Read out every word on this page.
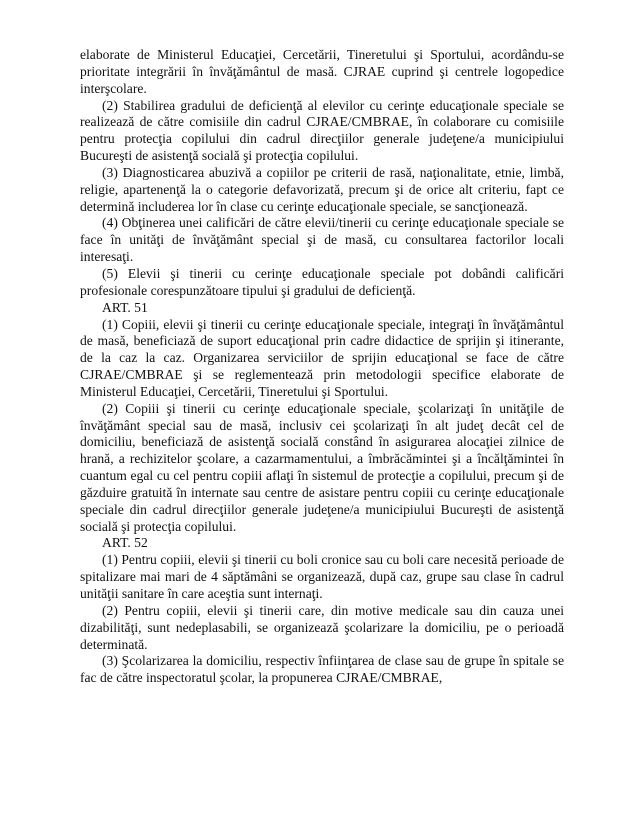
elaborate de Ministerul Educaţiei, Cercetării, Tineretului şi Sportului, acordându-se prioritate integrării în învăţământul de masă. CJRAE cuprind şi centrele logopedice interşcolare.

(2) Stabilirea gradului de deficienţă al elevilor cu cerinţe educaţionale speciale se realizează de către comisiile din cadrul CJRAE/CMBRAE, în colaborare cu comisiile pentru protecţia copilului din cadrul direcţiilor generale judeţene/a municipiului Bucureşti de asistenţă socială şi protecţia copilului.

(3) Diagnosticarea abuzivă a copiilor pe criterii de rasă, naţionalitate, etnie, limbă, religie, apartenenţă la o categorie defavorizată, precum şi de orice alt criteriu, fapt ce determină includerea lor în clase cu cerinţe educaţionale speciale, se sancţionează.

(4) Obţinerea unei calificări de către elevii/tinerii cu cerinţe educaţionale speciale se face în unităţi de învăţământ special şi de masă, cu consultarea factorilor locali interesaţi.

(5) Elevii şi tinerii cu cerinţe educaţionale speciale pot dobândi calificări profesionale corespunzătoare tipului şi gradului de deficienţă.

ART. 51

(1) Copiii, elevii şi tinerii cu cerinţe educaţionale speciale, integraţi în învăţământul de masă, beneficiază de suport educaţional prin cadre didactice de sprijin şi itinerante, de la caz la caz. Organizarea serviciilor de sprijin educaţional se face de către CJRAE/CMBRAE şi se reglementează prin metodologii specifice elaborate de Ministerul Educaţiei, Cercetării, Tineretului şi Sportului.

(2) Copiii şi tinerii cu cerinţe educaţionale speciale, şcolarizaţi în unităţile de învăţământ special sau de masă, inclusiv cei şcolarizaţi în alt judeţ decât cel de domiciliu, beneficiază de asistenţă socială constând în asigurarea alocaţiei zilnice de hrană, a rechizitelor şcolare, a cazarmamentului, a îmbrăcămintei şi a încălţămintei în cuantum egal cu cel pentru copiii aflaţi în sistemul de protecţie a copilului, precum şi de găzduire gratuită în internate sau centre de asistare pentru copiii cu cerinţe educaţionale speciale din cadrul direcţiilor generale judeţene/a municipiului Bucureşti de asistenţă socială şi protecţia copilului.

ART. 52

(1) Pentru copiii, elevii şi tinerii cu boli cronice sau cu boli care necesită perioade de spitalizare mai mari de 4 săptămâni se organizează, după caz, grupe sau clase în cadrul unităţii sanitare în care aceştia sunt internaţi.

(2) Pentru copiii, elevii şi tinerii care, din motive medicale sau din cauza unei dizabilităţi, sunt nedeplasabili, se organizează şcolarizare la domiciliu, pe o perioadă determinată.

(3) Şcolarizarea la domiciliu, respectiv înfiinţarea de clase sau de grupe în spitale se fac de către inspectoratul şcolar, la propunerea CJRAE/CMBRAE,
